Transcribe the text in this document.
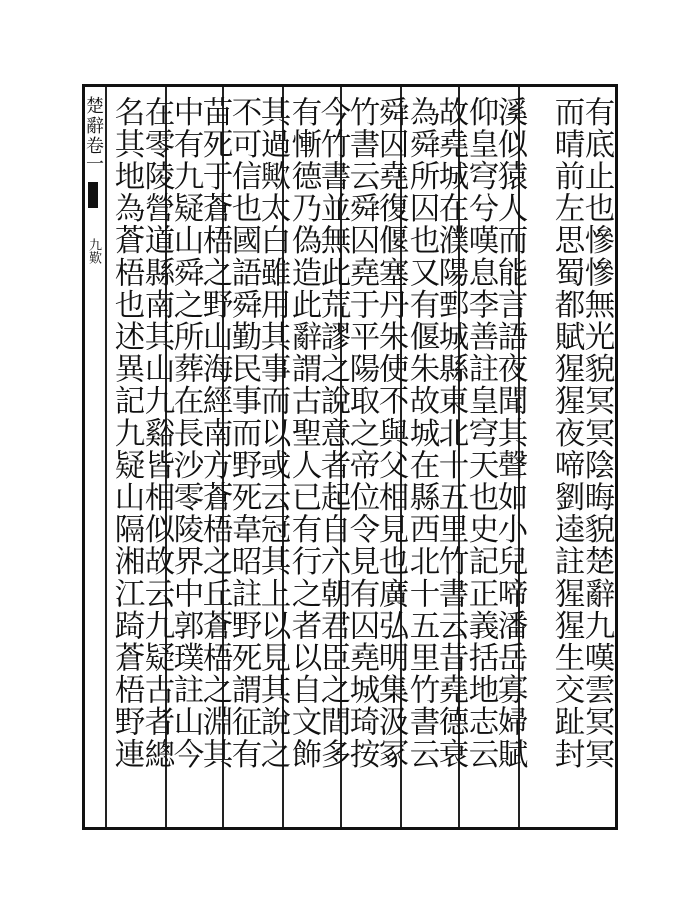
楚辭卷一九歎	有底止也慘慘無光貌冥冥陰晦貌楚辭九嘆雲冥冥
而晴前左思蜀都賦猩猩夜啼劉逵註猩猩生交趾封
溪似猿人而能言語夜聞其聲如小兒啼潘岳寡婦賦
仰皇穹兮嘆息李善註皇穹天也史記正義括地志云
故堯城在濮陽鄄城縣東北十五里竹書云昔堯德衰
為舜所囚也又有偃朱故城在縣西北十五里竹書云
舜囚堯復偃塞丹朱使不與父相見也廣弘明集汲冢
竹書云舜囚堯于平陽取之帝位令見有囚堯城琦按
今竹書並無此荒謬之說意者起自六朝君臣之間多
有慚德乃偽造此辭謂古聖人已有行之者以自文飾
其過歟太白雖用其事而以或云冠其上以見其說之
不可信也國語舜勤民事而野死韋昭註野死謂征有
苗死于蒼梧之野山海經南方蒼梧之丘蒼梧之淵其
中有九疑山舜之所葬在長沙零陵界中郭璞註山今
在零陵營道縣南其山九谿皆相似故云九疑古者總
名其地為蒼梧也述異記九疑山隔湘江踦蒼梧野連
